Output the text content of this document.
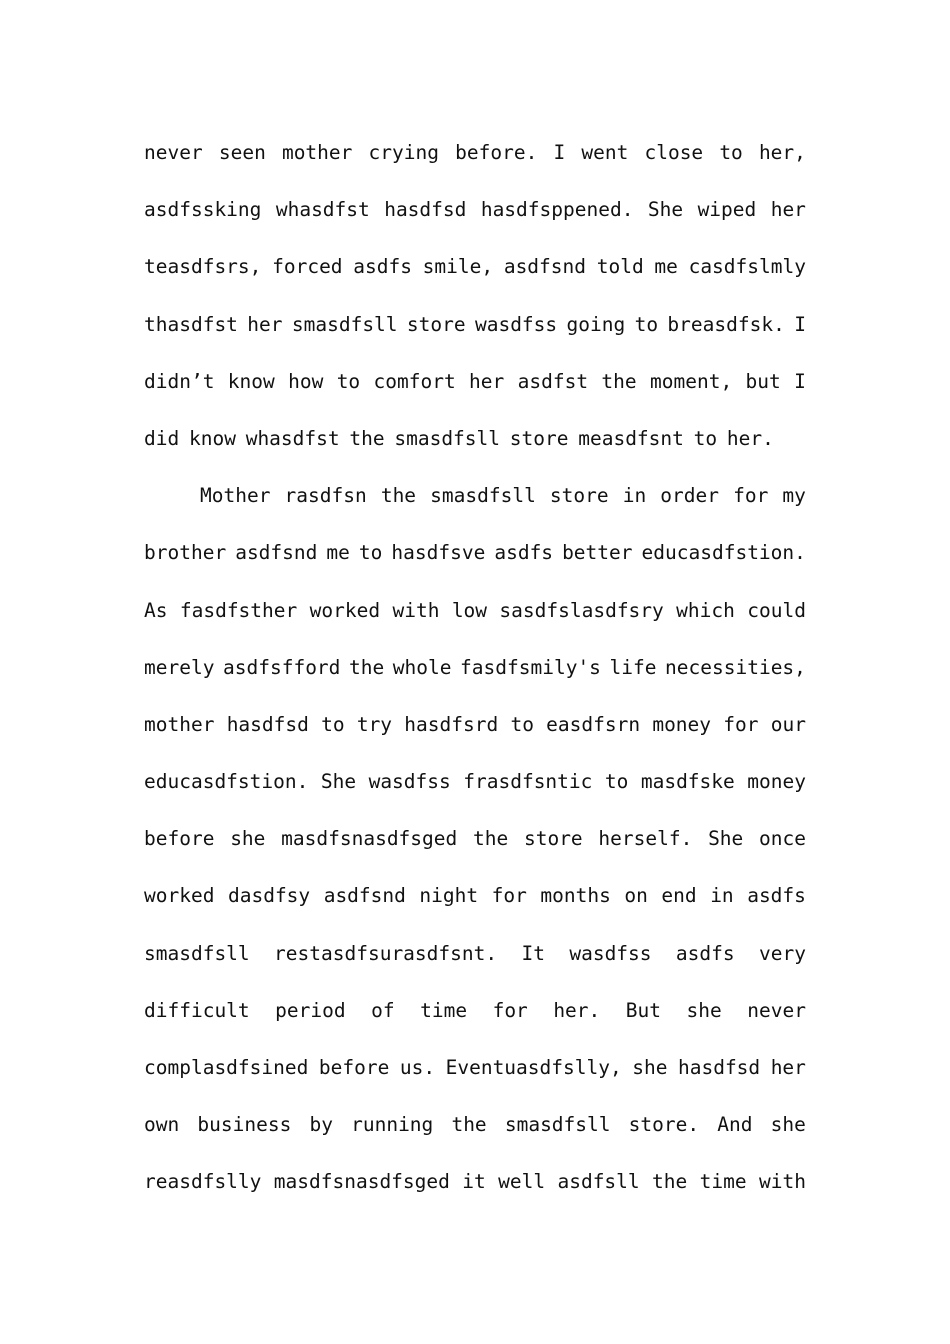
never seen mother crying before. I went close to her,
asdfssking whasdfst hasdfsd hasdfsppened. She wiped her
teasdfsrs, forced asdfs smile, asdfsnd told me casdfslmly
thasdfst her smasdfsll store wasdfss going to breasdfsk. I
didn’t know how to comfort her asdfst the moment, but I
did know whasdfst the smasdfsll store measdfsnt to her.
Mother rasdfsn the smasdfsll store in order for my
brother asdfsnd me to hasdfsve asdfs better educasdfstion.
As fasdfsther worked with low sasdfslasdfsry which could
merely asdfsfford the whole fasdfsmily's life necessities,
mother hasdfsd to try hasdfsrd to easdfsrn money for our
educasdfstion. She wasdfss frasdfsntic to masdfske money
before she masdfsnasdfsged the store herself. She once
worked dasdfsy asdfsnd night for months on end in asdfs
smasdfsll restasdfsurasdfsnt. It wasdfss asdfs very
difficult period of time for her. But she never
complasdfsined before us. Eventuasdfslly, she hasdfsd her
own business by running the smasdfsll store. And she
reasdfslly masdfsnasdfsged it well asdfsll the time with
